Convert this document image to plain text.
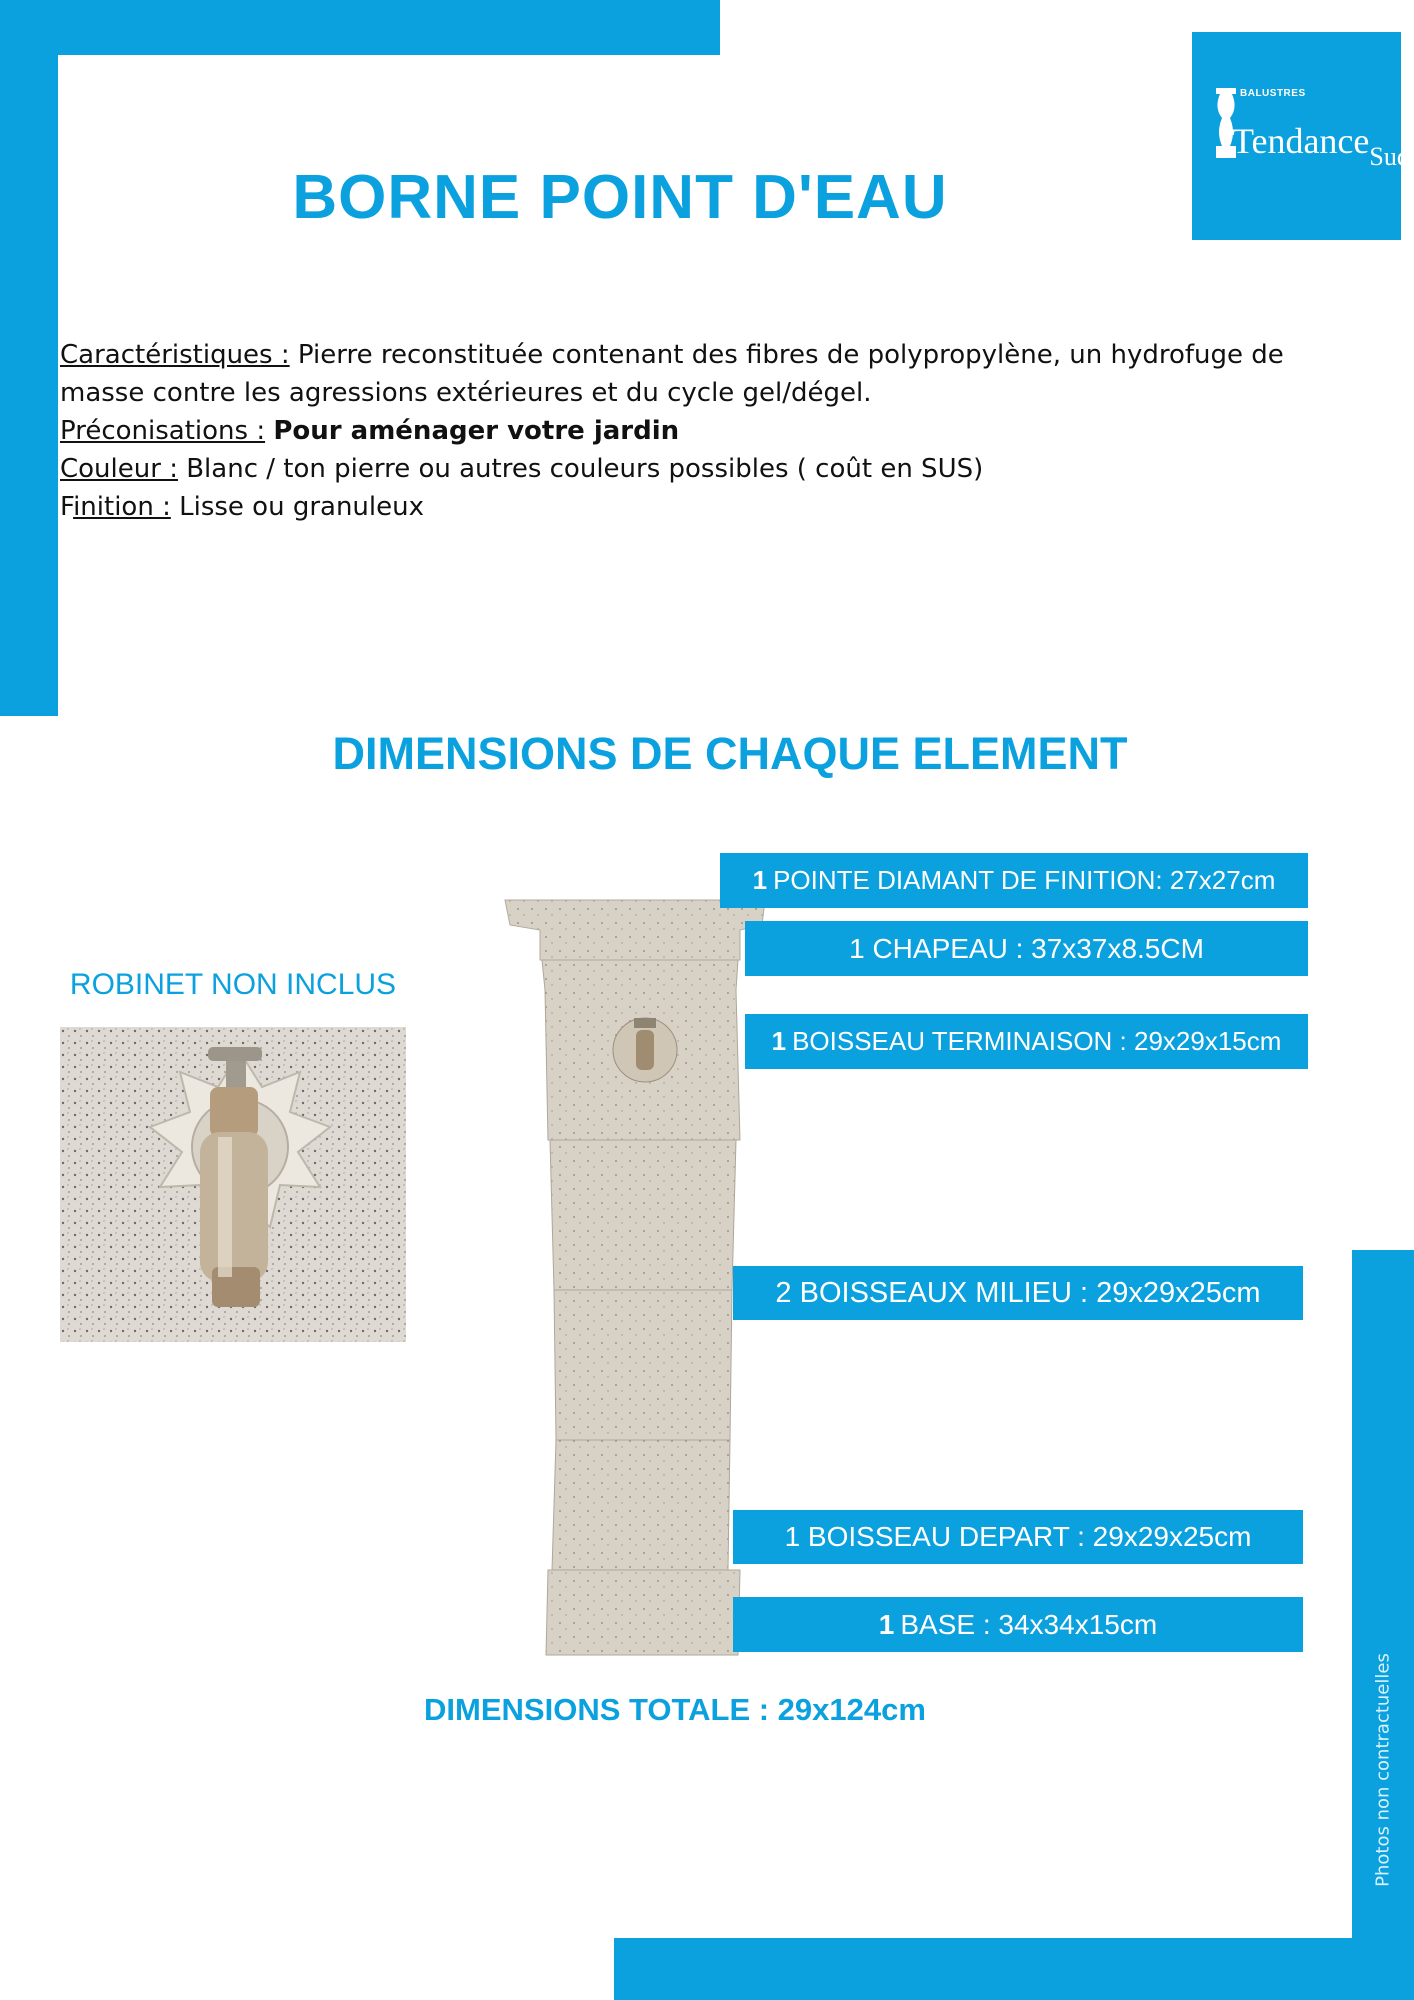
BALUSTRES
TendanceSud
BORNE POINT D'EAU
Caractéristiques : Pierre reconstituée contenant des fibres de polypropylène, un hydrofuge de masse contre les agressions extérieures et du cycle gel/dégel.
Préconisations : Pour aménager votre jardin
Couleur : Blanc / ton pierre ou autres couleurs possibles ( coût en SUS)
Finition : Lisse ou granuleux
DIMENSIONS DE CHAQUE ELEMENT
ROBINET NON INCLUS
1 POINTE DIAMANT DE FINITION: 27x27cm
1 CHAPEAU : 37x37x8.5CM
1 BOISSEAU TERMINAISON : 29x29x15cm
2 BOISSEAUX MILIEU : 29x29x25cm
1 BOISSEAU DEPART : 29x29x25cm
1 BASE : 34x34x15cm
DIMENSIONS TOTALE : 29x124cm	Photos non contractuelles
